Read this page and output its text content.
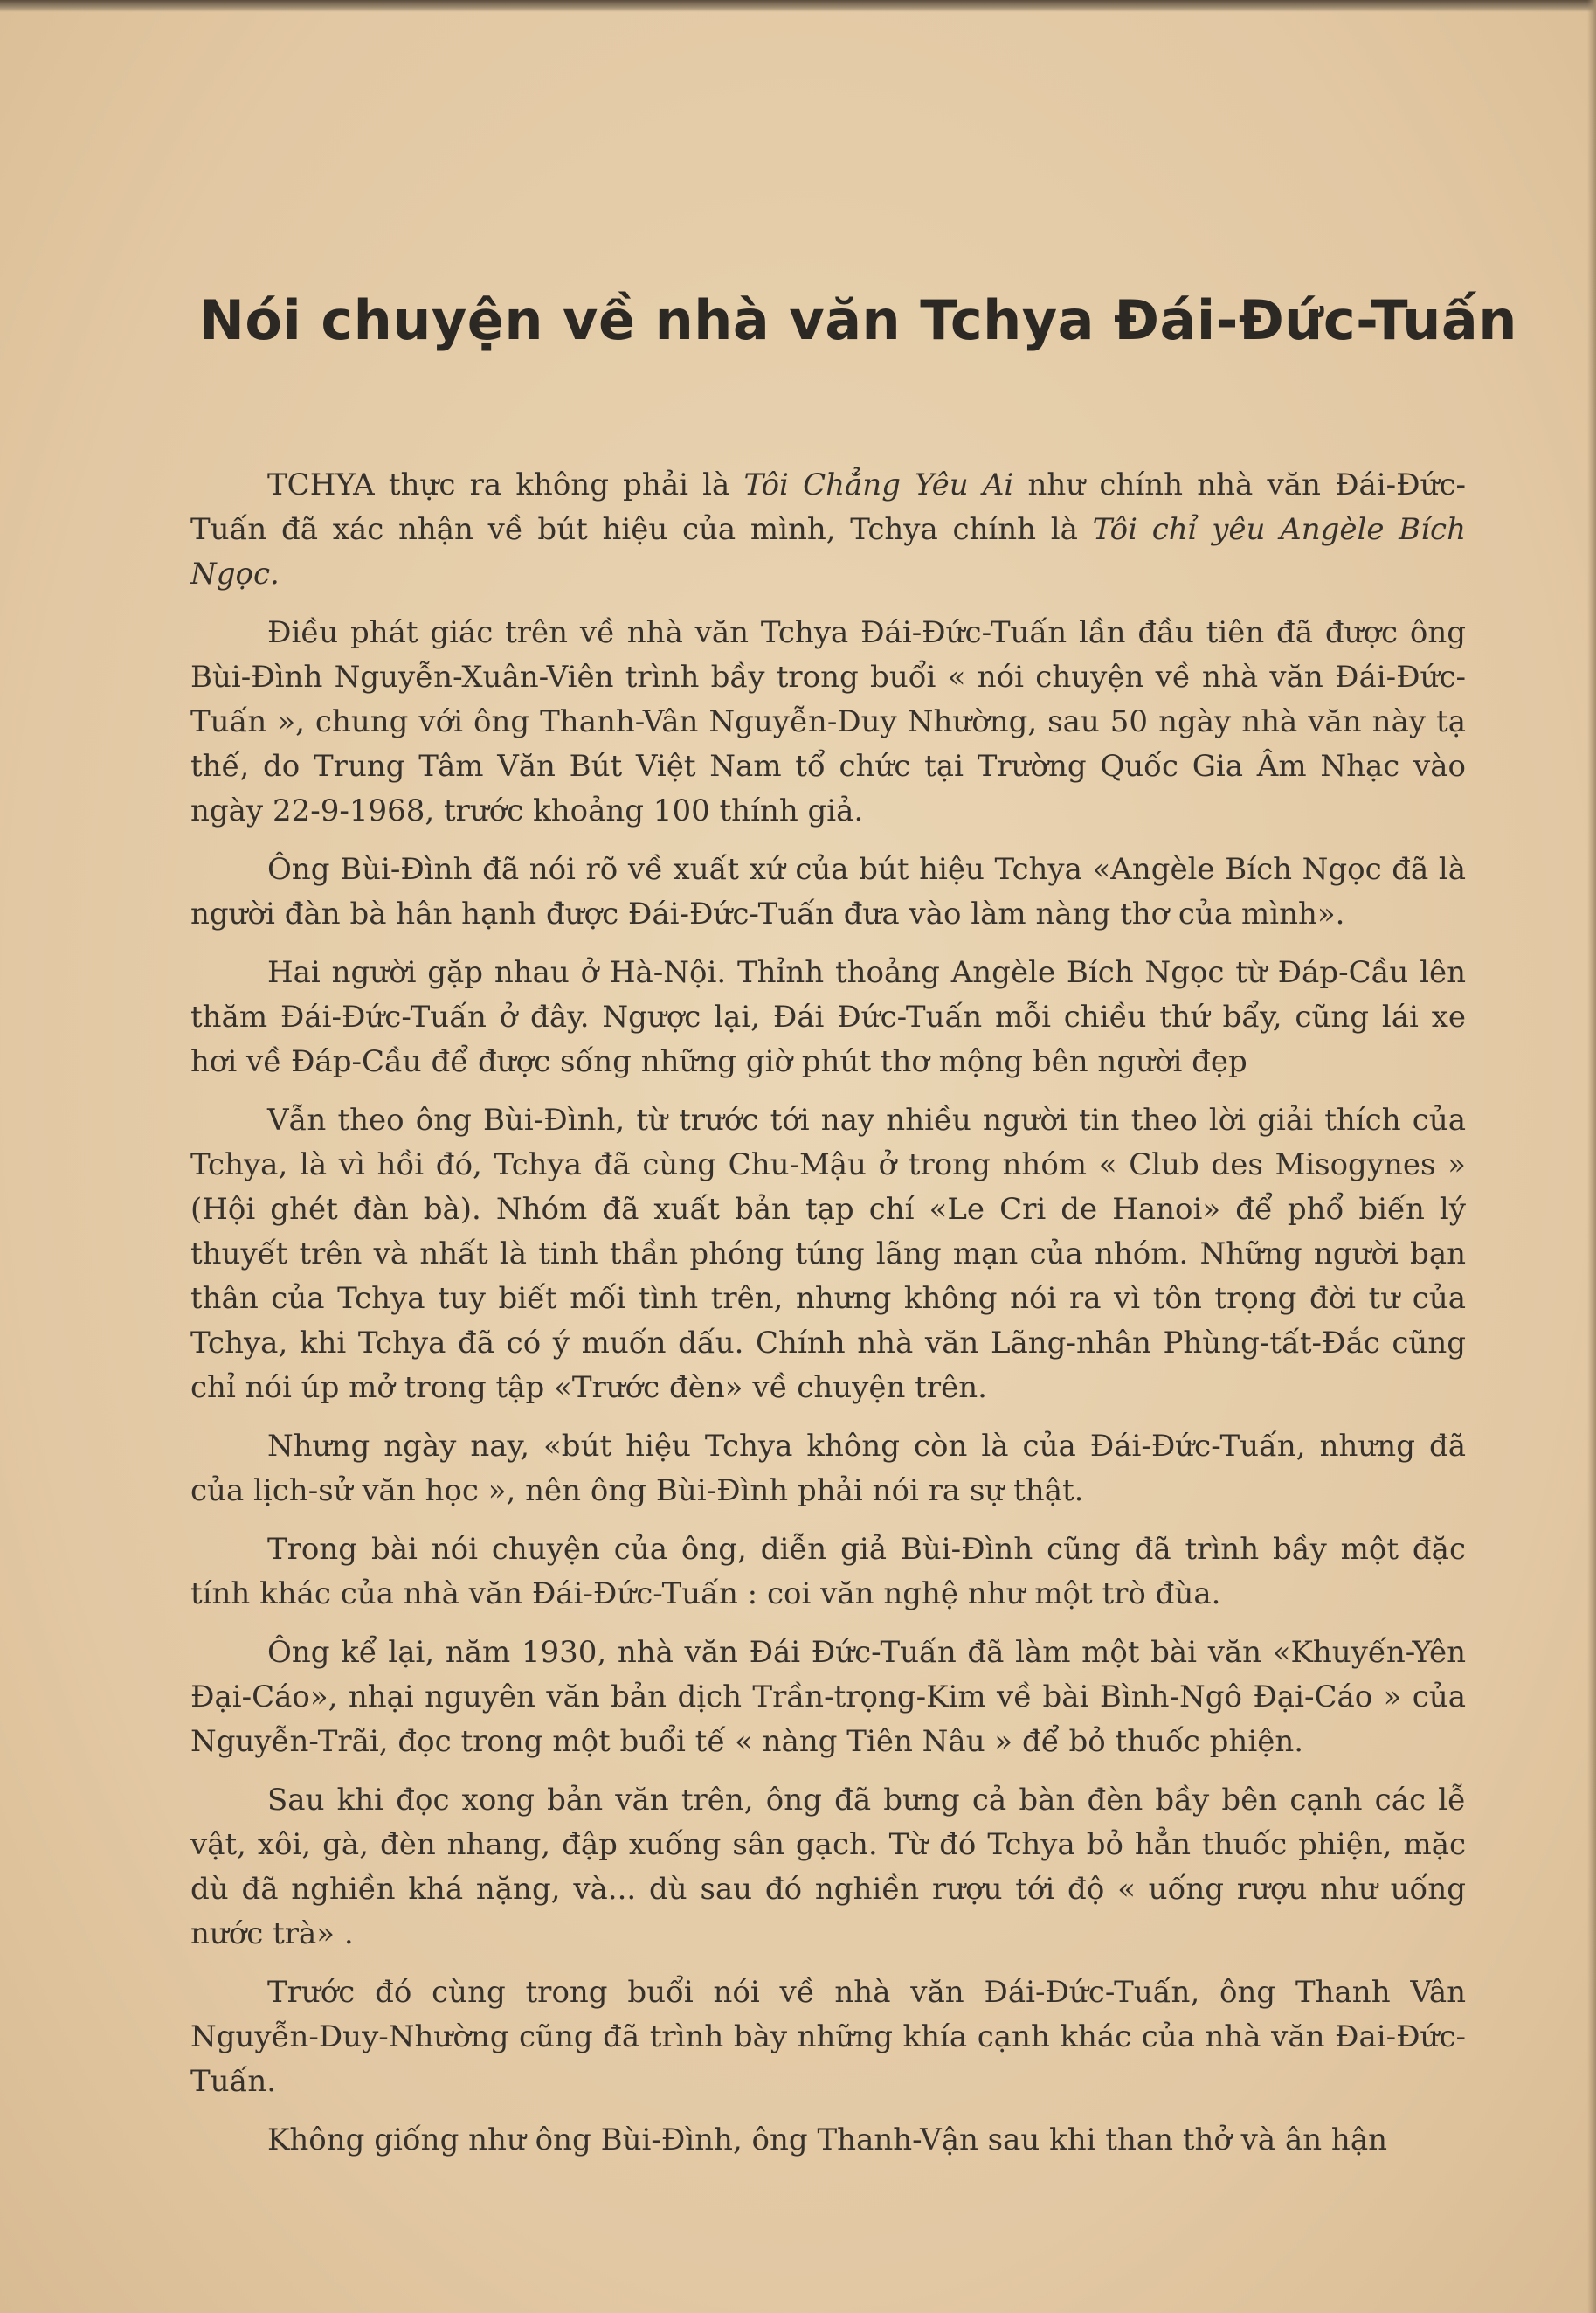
Nói chuyện về nhà văn Tchya Đái-Đức-Tuấn

TCHYA thực ra không phải là Tôi Chẳng Yêu Ai như chính nhà văn Đái-Đức-Tuấn đã xác nhận về bút hiệu của mình, Tchya chính là Tôi chỉ yêu Angèle Bích Ngọc.

Điều phát giác trên về nhà văn Tchya Đái-Đức-Tuấn lần đầu tiên đã được ông Bùi-Đình Nguyễn-Xuân-Viên trình bầy trong buổi « nói chuyện về nhà văn Đái-Đức-Tuấn », chung với ông Thanh-Vân Nguyễn-Duy Nhường, sau 50 ngày nhà văn này tạ thế, do Trung Tâm Văn Bút Việt Nam tổ chức tại Trường Quốc Gia Âm Nhạc vào ngày 22-9-1968, trước khoảng 100 thính giả.

Ông Bùi-Đình đã nói rõ về xuất xứ của bút hiệu Tchya «Angèle Bích Ngọc đã là người đàn bà hân hạnh được Đái-Đức-Tuấn đưa vào làm nàng thơ của mình».

Hai người gặp nhau ở Hà-Nội. Thỉnh thoảng Angèle Bích Ngọc từ Đáp-Cầu lên thăm Đái-Đức-Tuấn ở đây. Ngược lại, Đái Đức-Tuấn mỗi chiều thứ bẩy, cũng lái xe hơi về Đáp-Cầu để được sống những giờ phút thơ mộng bên người đẹp

Vẫn theo ông Bùi-Đình, từ trước tới nay nhiều người tin theo lời giải thích của Tchya, là vì hồi đó, Tchya đã cùng Chu-Mậu ở trong nhóm « Club des Misogynes » (Hội ghét đàn bà). Nhóm đã xuất bản tạp chí «Le Cri de Hanoi» để phổ biến lý thuyết trên và nhất là tinh thần phóng túng lãng mạn của nhóm. Những người bạn thân của Tchya tuy biết mối tình trên, nhưng không nói ra vì tôn trọng đời tư của Tchya, khi Tchya đã có ý muốn dấu. Chính nhà văn Lãng-nhân Phùng-tất-Đắc cũng chỉ nói úp mở trong tập «Trước đèn» về chuyện trên.

Nhưng ngày nay, «bút hiệu Tchya không còn là của Đái-Đức-Tuấn, nhưng đã của lịch-sử văn học », nên ông Bùi-Đình phải nói ra sự thật.

Trong bài nói chuyện của ông, diễn giả Bùi-Đình cũng đã trình bầy một đặc tính khác của nhà văn Đái-Đức-Tuấn : coi văn nghệ như một trò đùa.

Ông kể lại, năm 1930, nhà văn Đái Đức-Tuấn đã làm một bài văn «Khuyến-Yên Đại-Cáo», nhại nguyên văn bản dịch Trần-trọng-Kim về bài Bình-Ngô Đại-Cáo » của Nguyễn-Trãi, đọc trong một buổi tế « nàng Tiên Nâu » để bỏ thuốc phiện.

Sau khi đọc xong bản văn trên, ông đã bưng cả bàn đèn bầy bên cạnh các lễ vật, xôi, gà, đèn nhang, đập xuống sân gạch. Từ đó Tchya bỏ hẳn thuốc phiện, mặc dù đã nghiền khá nặng, và... dù sau đó nghiền rượu tới độ « uống rượu như uống nước trà» .

Trước đó cùng trong buổi nói về nhà văn Đái-Đức-Tuấn, ông Thanh Vân Nguyễn-Duy-Nhường cũng đã trình bày những khía cạnh khác của nhà văn Đai-Đức-Tuấn.

Không giống như ông Bùi-Đình, ông Thanh-Vận sau khi than thở và ân hận
